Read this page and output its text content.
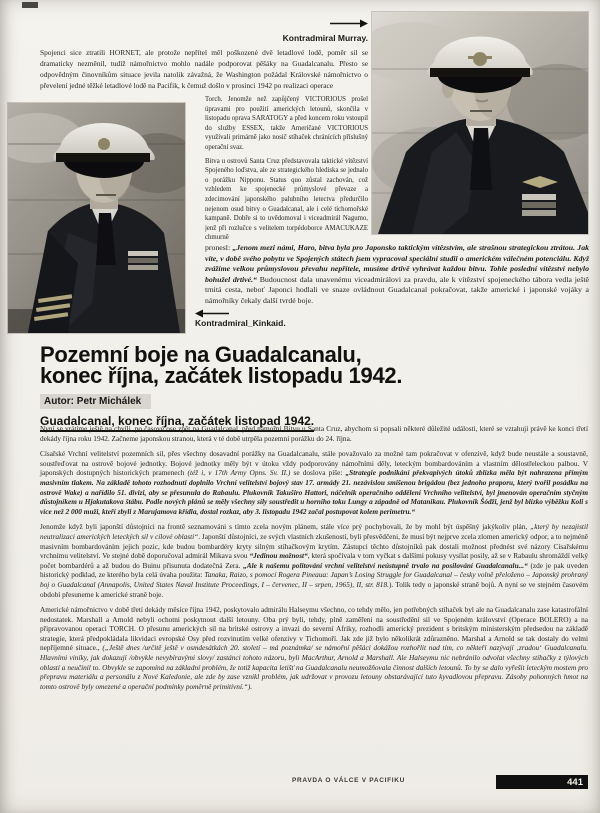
Kontradmiral Murray.
Spojenci sice ztratili HORNET, ale protože nepřítel měl poškozené dvě letadlové lodě, poměr sil se dramaticky nezměnil, tudíž námořnictvo mohlo nadále podporovat pěšáky na Guadalcanalu. Přesto se odpovědným činovníkům situace jevila natolik závažná, že Washington požádal Královské námořnictvo o převelení jedné těžké letadlové lodě na Pacifik, k čemuž došlo v prosinci 1942 po realizaci operace
Torch. Jenomže než zapůjčený VICTORIOUS prošel úpravami pro použití amerických letounů, skončila v listopadu oprava SARATOGY a před koncem roku vstoupil do služby ESSEX, takže Američané VICTORIOUS využívali primárně jako nosič stíhaček chránících příslušný operační svaz.
Bitva u ostrovů Santa Cruz představovala taktické vítězství Spojeného loďstva, ale ze strategického hlediska se jednalo o porážku Nipponu. Status quo zůstal zachován, což vzhledem ke spojenecké průmyslové převaze a zdecimování japonského palubního letectva předurčilo nejenom osud bitvy o Guadalcanal, ale i celé tichomořské kampaně. Dobře si to uvědomoval i viceadmirál Nagumo, jenž při rozlučce s velitelem torpédoborce AMACUKAZE chmurně
pronesl: „Jenom mezi námi, Haro, bitva byla pro Japonsko taktickým vítězstvím, ale strašnou strategickou ztrátou. Jak víte, v době svého pobytu ve Spojených státech jsem vypracoval speciální studii o americkém válečném potenciálu. Když zvážíme velkou průmyslovou převahu nepřítele, musíme drtivě vyhrávat každou bitvu. Tohle poslední vítězství nebylo bohužel drtivé.“ Budoucnost dala unavenému viceadmirálovi za pravdu, ale k vítězství spojeneckého tábora vedla ještě trnitá cesta, neboť Japonci hodlali ve snaze ovládnout Guadalcanal pokračovat, takže americké i japonské vojáky a námořníky čekaly další tvrdé boje.
Kontradmiral_Kinkaid.
Pozemní boje na Guadalcanalu,
konec října, začátek listopadu 1942.
Autor: Petr Michálek
Guadalcanal, konec října, začátek listopad 1942.

Nyní se vrátíme ještě na chvíli, po časové ose zpět na Guadalcanal, před námořní Bitvu u Santa Cruz, abychom si popsali některé důležité události, které se vztahují právě ke konci třetí dekády října roku 1942. Začneme japonskou stranou, která v té době utrpěla pozemní porážku do 24. října.

Císařské Vrchní velitelství pozemních sil, přes všechny dosavadní porážky na Guadalcanalu, stále považovalo za možné tam pokračovat v ofenzivě, když bude neustále a soustavně, soustřeďovat na ostrově bojové jednotky. Bojové jednotky měly být v útoku vždy podporovány námořními děly, leteckým bombardováním a vlastním dělostřeleckou palbou. V japonských dostupných historických pramenech (též i, v 17th Army Opns. Sv. II.) se doslova píše: „Strategie podnikání překvapivých útoků zblízka měla být nahrazena přímým masivním tlakem. Na základě tohoto rozhodnutí doplnilo Vrchní velitelství bojový stav 17. armády 21. nezávislou smíšenou brigádou (bez jednoho praporu, který tvořil posádku na ostrově Wake) a nařídilo 51. divizi, aby se přesunula do Rabaulu. Plukovník Takuširo Hattori, náčelník operačního oddělení Vrchního velitelství, byl jmenován operačním styčným důstojníkem u Hjakutakova štábu. Podle nových plánů se měly všechny síly soustředit u horního toku Lungy a západně od Matanikau. Plukovník Šódži, jenž byl blízko výběžku Koli s více než 2 000 muži, kteří zbyli z Marujamova křídla, dostal rozkaz, aby 3. listopadu 1942 začal postupovat kolem perimetru.“

Jenomže když byli japonští důstojníci na frontě seznamováni s tímto zcela novým plánem, stále více prý pochybovali, že by mohl být úspěšný jakýkoliv plán, „který by nezajistil neutralizaci amerických leteckých sil v cílové oblasti“. Japonští důstojníci, ze svých vlastních zkušeností, byli přesvědčeni, že musí být nejprve zcela zlomen americký odpor, a to nejméně masivním bombardováním jejich pozic, kde budou bombardéry kryty silným stíhačkovým krytím. Zástupci těchto důstojníků pak dostali možnost přednést své názory Císařskému vrchnímu velitelství. Ve stejné době doporučoval admirál Mikava svou “Jedinou možnost“, která spočívala v tom vyčkat s dalšími pokusy vysílat posily, až se v Rabaulu shromáždí velký počet bombardérů a až budou do Buinu přisunuta dodatečná Zera. „Ale k našemu politování vrchní velitelství neústupně trvalo na posilování Guadalcanalu...“ (zde je pak uveden historický podklad, ze kterého byla celá úvaha použita: Tanaka, Raizo, s pomocí Rogera Pineaua: Japan’s Losing Struggle for Guadalcanal – česky volně přeloženo – Japonský prohraný boj o Guadalcanal (Annapolis, United States Naval Institute Proceedings, I – červenec, II – srpen, 1965), II, str. 818.). Tolik tedy o japonské straně bojů. A nyní se ve stejném časovém období přesuneme k americké straně boje.

Americké námořnictvo v době třetí dekády měsíce října 1942, poskytovalo admirálu Halseymu všechno, co tehdy mělo, jen potřebných stíhaček byl ale na Guadalcanalu zase katastrofální nedostatek. Marshall a Arnold nebyli ochotni poskytnout další letouny. Oba prý byli, tehdy, plně zaměřeni na soustředění sil ve Spojeném království (Operace BOLERO) a na připravovanou operaci TORCH. O přesunu amerických sil na britské ostrovy a invazi do severní Afriky, rozhodli americký prezident s britským ministerským předsedou na základě strategie, která předpokládala likvidaci evropské Osy před rozvinutím velké ofenzivy v Tichomoří. Jak zde již bylo několikrát zdůrazněno. Marshal a Arnold se tak dostaly do velmi nepříjemné situace., („Ještě dnes /určitě ještě v osmdesátkách 20. století – má poznámka/ se námořní pěšáci dokážou rozhořlit nad tím, co někteří nazývají ‚zradou‘ Guadalcanalu. Hlavními viníky, jak dokazují /obvykle nevybíravými slovy/ zastánci tohoto názoru, byli MacArthur, Arnold a Marshall. Ale Halseymu nic nebránilo odvolat všechny stíhačky z týlových oblastí a neučinil to. Obvykle se zapomíná na základní problém, že totiž kapacita letišť na Guadalcanalu neumožňovala činnost dalších letounů. To by se dalo vyřešit leteckým mostem pro přepravu materiálu a personálu z Nové Kaledonie, ale zde by zase vznikl problém, jak udržovat v provozu letouny obstarávající tuto kyvadlovou přepravu. Zásoby pohonných hmot na tomto ostrově byly omezené a operační podmínky poměrně primitivní.“).

PRAVDA O VÁLCE V PACIFIKU	441
